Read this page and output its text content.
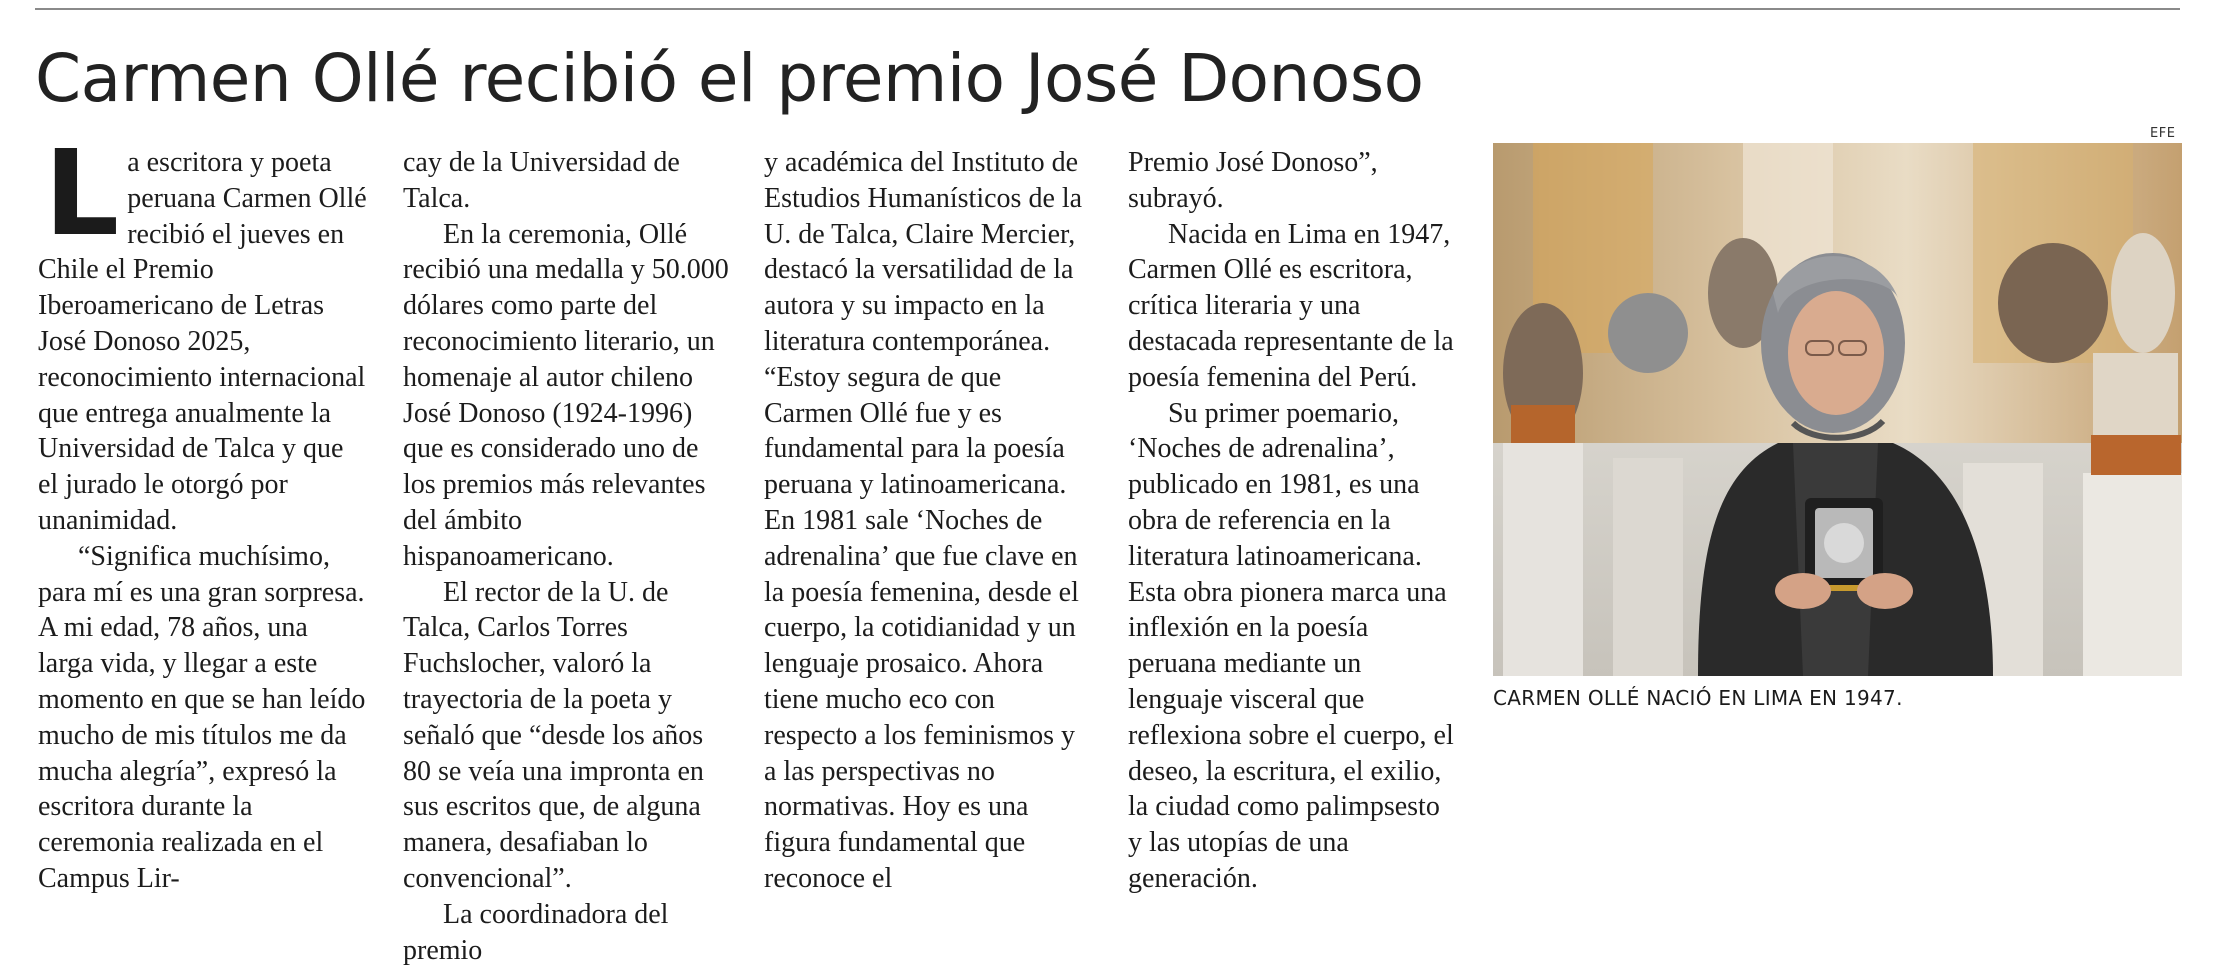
Carmen Ollé recibió el premio José Donoso

La escritora y poeta peruana Carmen Ollé recibió el jueves en Chile el Premio Iberoamericano de Letras José Donoso 2025, reconocimiento internacional que entrega anualmente la Universidad de Talca y que el jurado le otorgó por unanimidad.

“Significa muchísimo, para mí es una gran sorpresa. A mi edad, 78 años, una larga vida, y llegar a este momento en que se han leído mucho de mis títulos me da mucha alegría”, expresó la escritora durante la ceremonia realizada en el Campus Lir-

cay de la Universidad de Talca.

En la ceremonia, Ollé recibió una medalla y 50.000 dólares como parte del reconocimiento literario, un homenaje al autor chileno José Donoso (1924-1996) que es considerado uno de los premios más relevantes del ámbito hispanoamericano.

El rector de la U. de Talca, Carlos Torres Fuchslocher, valoró la trayectoria de la poeta y señaló que “desde los años 80 se veía una impronta en sus escritos que, de alguna manera, desafiaban lo convencional”.

La coordinadora del premio

y académica del Instituto de Estudios Humanísticos de la U. de Talca, Claire Mercier, destacó la versatilidad de la autora y su impacto en la literatura contemporánea. “Estoy segura de que Carmen Ollé fue y es fundamental para la poesía peruana y latinoamericana. En 1981 sale ‘Noches de adrenalina’ que fue clave en la poesía femenina, desde el cuerpo, la cotidianidad y un lenguaje prosaico. Ahora tiene mucho eco con respecto a los feminismos y a las perspectivas no normativas. Hoy es una figura fundamental que reconoce el

Premio José Donoso”, subrayó.

Nacida en Lima en 1947, Carmen Ollé es escritora, crítica literaria y una destacada representante de la poesía femenina del Perú.

Su primer poemario, ‘Noches de adrenalina’, publicado en 1981, es una obra de referencia en la literatura latinoamericana. Esta obra pionera marca una inflexión en la poesía peruana mediante un lenguaje visceral que reflexiona sobre el cuerpo, el deseo, la escritura, el exilio, la ciudad como palimpsesto y las utopías de una generación.

EFE
CARMEN OLLÉ NACIÓ EN LIMA EN 1947.
